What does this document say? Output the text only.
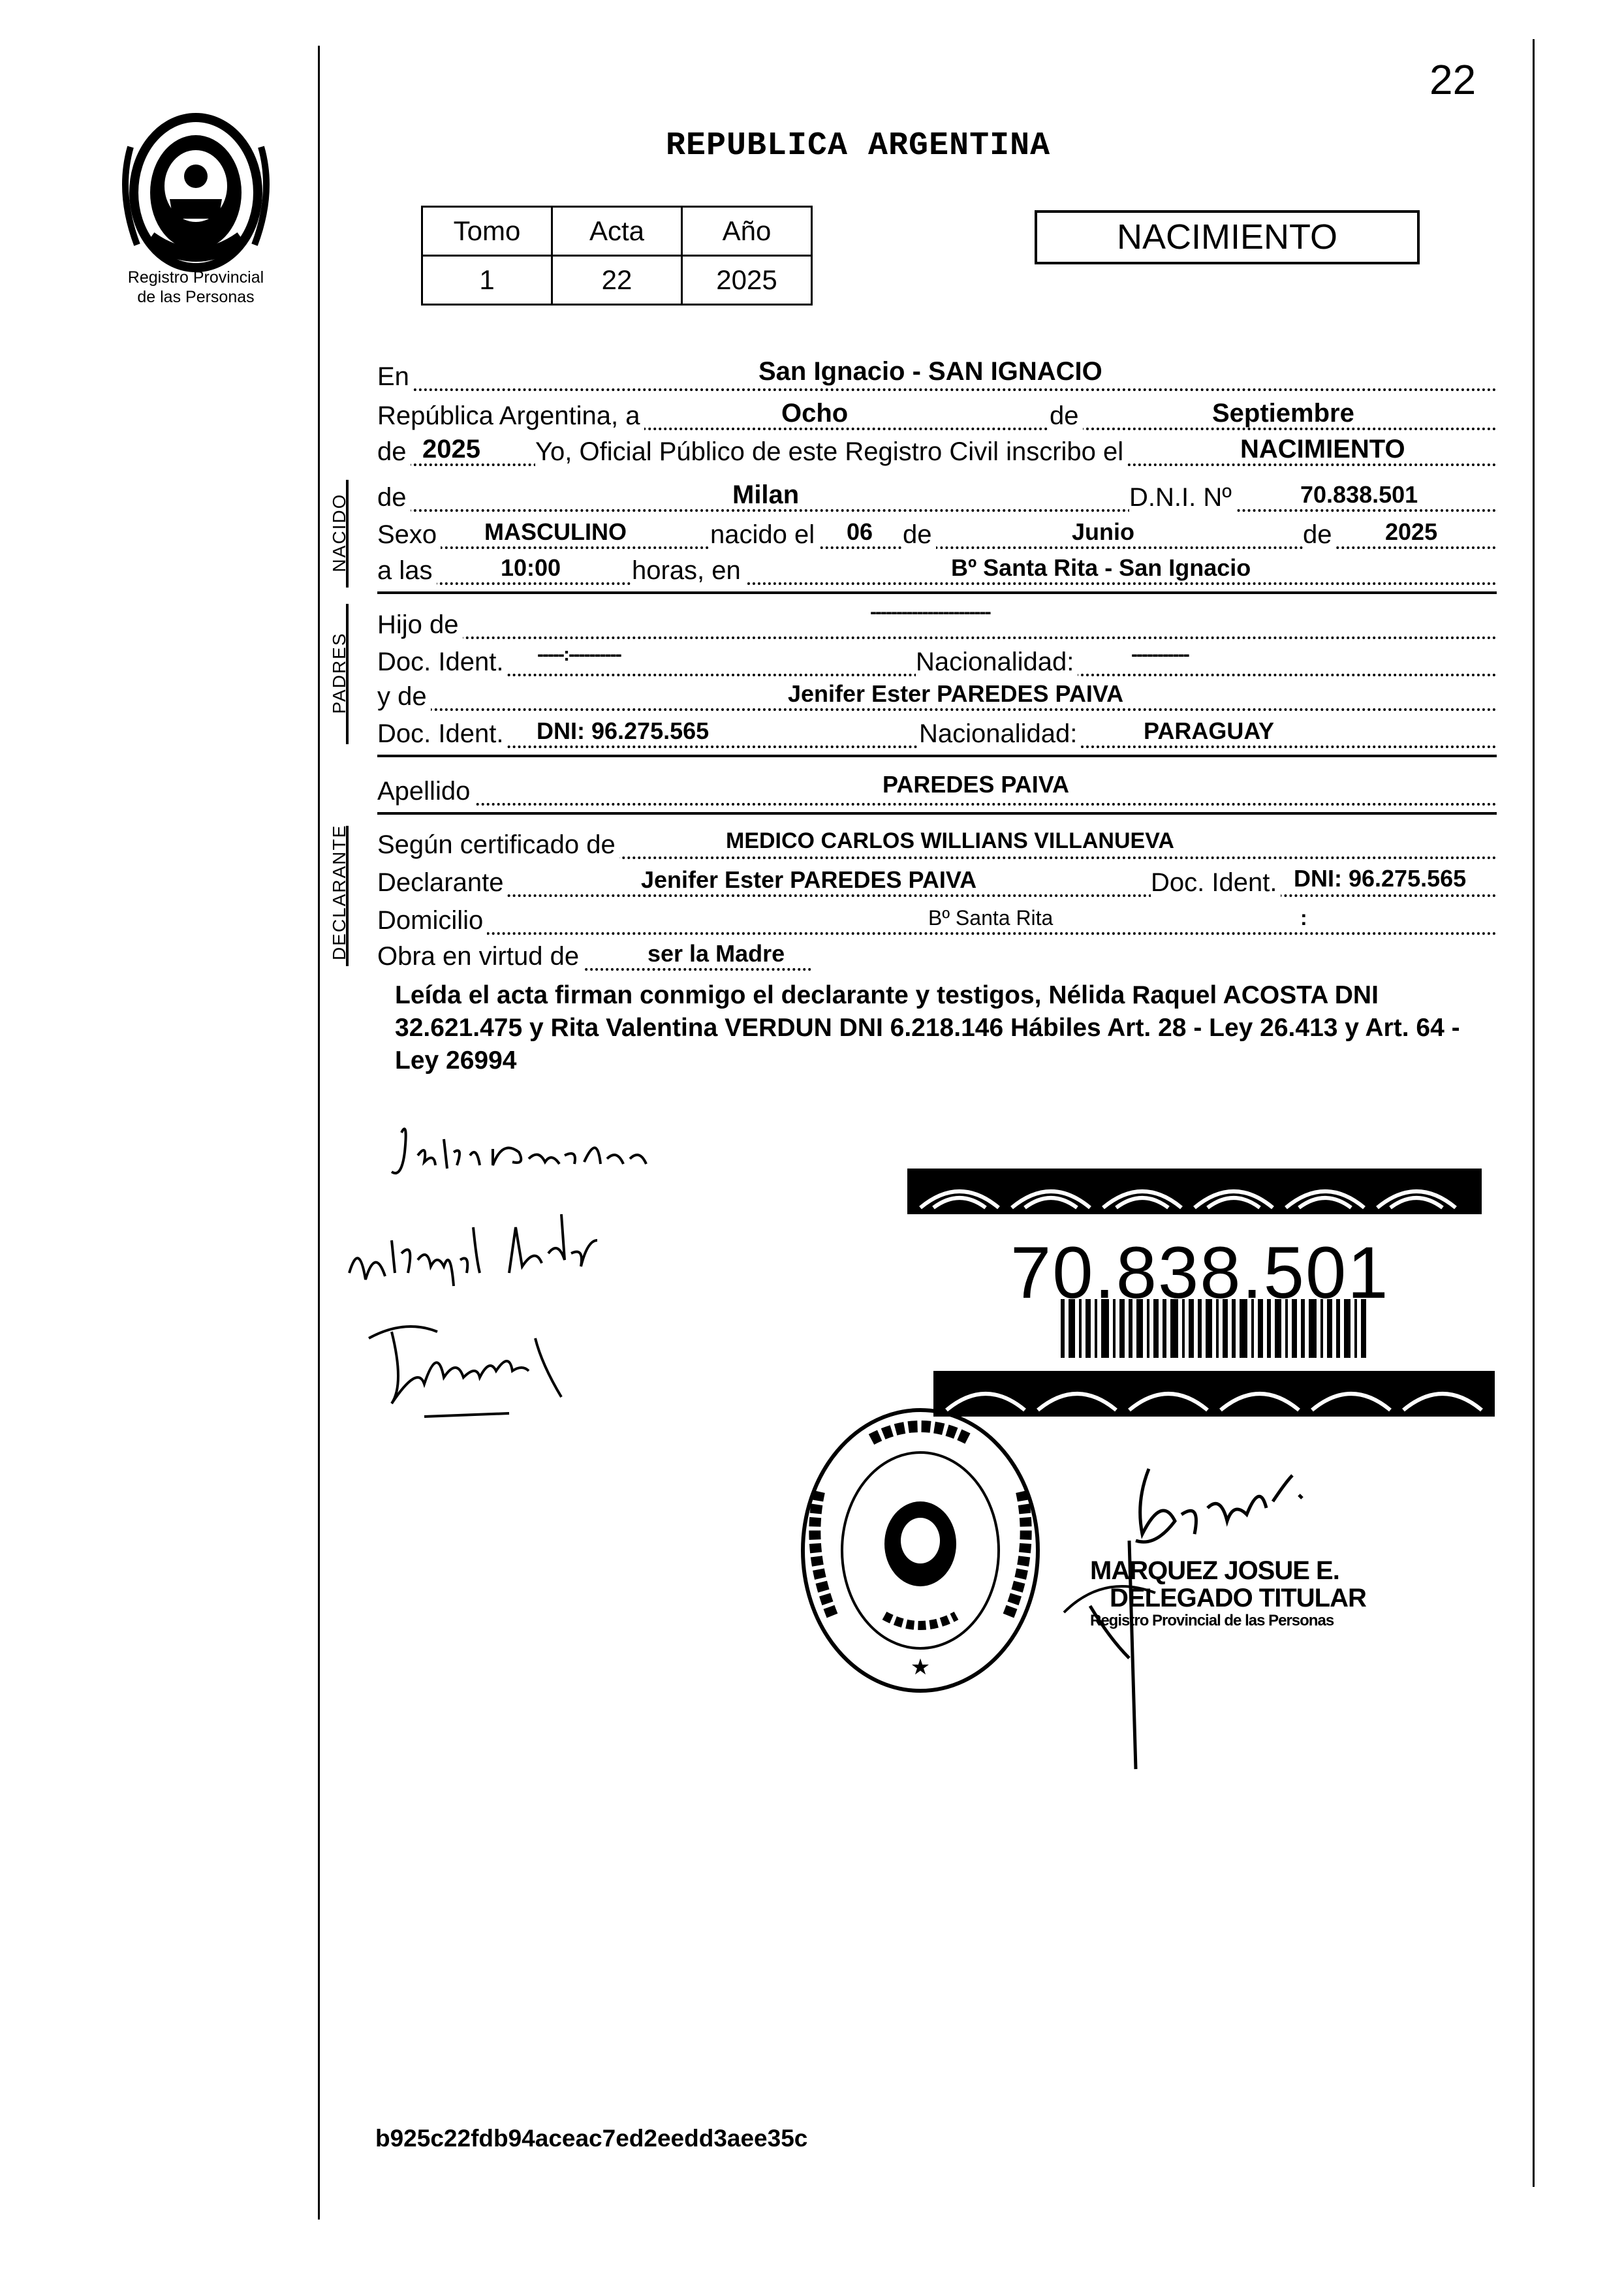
Registro Provincial
de las Personas
22
REPUBLICA ARGENTINA
Tomo	Acta	Año
1	22	2025
NACIMIENTO
En	San Ignacio - SAN IGNACIO
República Argentina, a	Ocho	de	Septiembre
de 2025 Yo, Oficial Público de este Registro Civil inscribo el	NACIMIENTO
NACIDO de	Milan	D.N.I. Nº	70.838.501
Sexo MASCULINO	nacido el 06 de	Junio	de 2025
a las	10:00	horas, en	Bº Santa Rita - San Ignacio
PADRES
Hijo de	-----------------------
Doc. Ident. -----:----------	Nacionalidad:	-----------
y de	Jenifer Ester PAREDES PAIVA
Doc. Ident. DNI: 96.275.565	Nacionalidad:	PARAGUAY
Apellido	PAREDES PAIVA
DECLARANTE Según certificado de	MEDICO CARLOS WILLIANS VILLANUEVA
Declarante	Jenifer Ester PAREDES PAIVA	Doc. Ident. DNI: 96.275.565
Domicilio	Bº Santa Rita	:
Obra en virtud de	ser la Madre
Leída el acta firman conmigo el declarante y testigos, Nélida Raquel ACOSTA DNI 32.621.475 y Rita Valentina VERDUN DNI 6.218.146 Hábiles Art. 28 - Ley 26.413 y Art. 64 - Ley 26994
70.838.501
★
MARQUEZ JOSUE E.
DELEGADO TITULAR
Registro Provincial de las Personas
b925c22fdb94aceac7ed2eedd3aee35c
